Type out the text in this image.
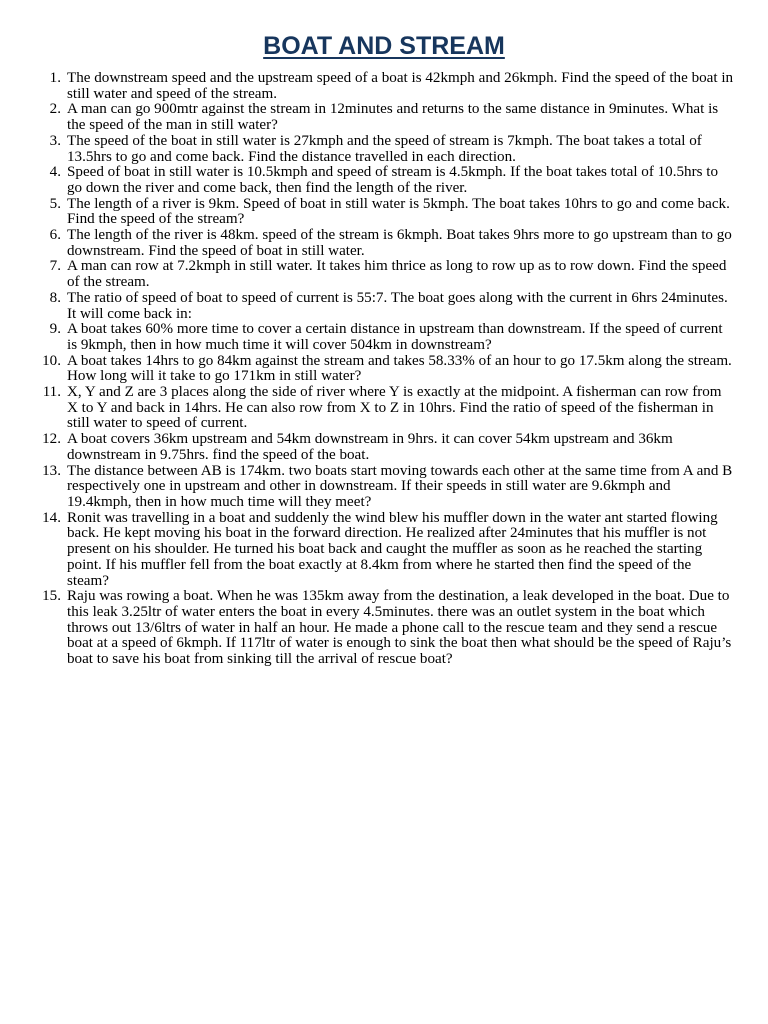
BOAT AND STREAM
1. The downstream speed and the upstream speed of a boat is 42kmph and 26kmph. Find the speed of the boat in still water and speed of the stream.
2. A man can go 900mtr against the stream in 12minutes and returns to the same distance in 9minutes. What is the speed of the man in still water?
3. The speed of the boat in still water is 27kmph and the speed of stream is 7kmph. The boat takes a total of 13.5hrs to go and come back. Find the distance travelled in each direction.
4. Speed of boat in still water is 10.5kmph and speed of stream is 4.5kmph. If the boat takes total of 10.5hrs to go down the river and come back, then find the length of the river.
5. The length of a river is 9km. Speed of boat in still water is 5kmph. The boat takes 10hrs to go and come back. Find the speed of the stream?
6. The length of the river is 48km. speed of the stream is 6kmph. Boat takes 9hrs more to go upstream than to go downstream. Find the speed of boat in still water.
7. A man can row at 7.2kmph in still water. It takes him thrice as long to row up as to row down. Find the speed of the stream.
8. The ratio of speed of boat to speed of current is 55:7. The boat goes along with the current in 6hrs 24minutes. It will come back in:
9. A boat takes 60% more time to cover a certain distance in upstream than downstream. If the speed of current is 9kmph, then in how much time it will cover 504km in downstream?
10. A boat takes 14hrs to go 84km against the stream and takes 58.33% of an hour to go 17.5km along the stream. How long will it take to go 171km in still water?
11. X, Y and Z are 3 places along the side of river where Y is exactly at the midpoint. A fisherman can row from X to Y and back in 14hrs. He can also row from X to Z in 10hrs. Find the ratio of speed of the fisherman in still water to speed of current.
12. A boat covers 36km upstream and 54km downstream in 9hrs. it can cover 54km upstream and 36km downstream in 9.75hrs. find the speed of the boat.
13. The distance between AB is 174km. two boats start moving towards each other at the same time from A and B respectively one in upstream and other in downstream. If their speeds in still water are 9.6kmph and 19.4kmph, then in how much time will they meet?
14. Ronit was travelling in a boat and suddenly the wind blew his muffler down in the water ant started flowing back. He kept moving his boat in the forward direction. He realized after 24minutes that his muffler is not present on his shoulder. He turned his boat back and caught the muffler as soon as he reached the starting point. If his muffler fell from the boat exactly at 8.4km from where he started then find the speed of the steam?
15. Raju was rowing a boat. When he was 135km away from the destination, a leak developed in the boat. Due to this leak 3.25ltr of water enters the boat in every 4.5minutes. there was an outlet system in the boat which throws out 13/6ltrs of water in half an hour. He made a phone call to the rescue team and they send a rescue boat at a speed of 6kmph. If 117ltr of water is enough to sink the boat then what should be the speed of Raju’s boat to save his boat from sinking till the arrival of rescue boat?
